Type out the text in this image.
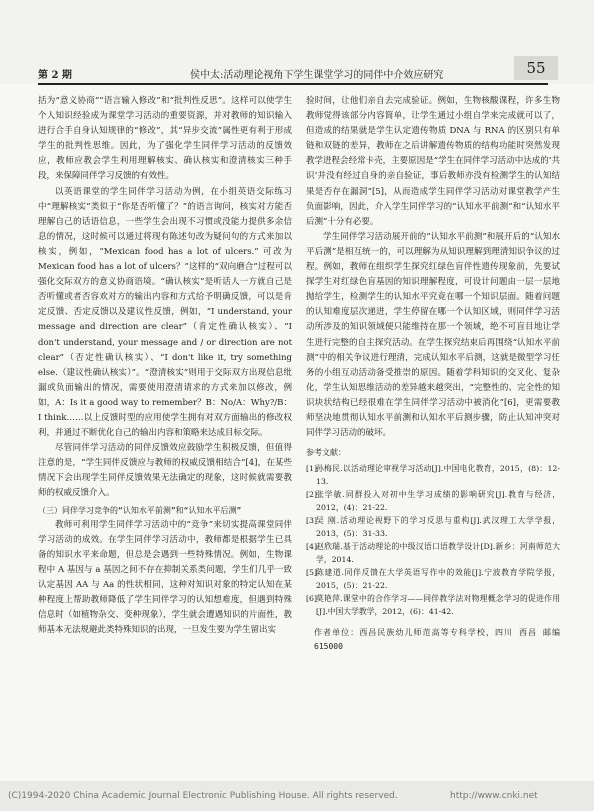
第 2 期	侯中太:活动理论视角下学生课堂学习的同伴中介效应研究	55

括为“意义协商”“语言输入修改”和“批判性反思”。这样可以使学生个人知识经验成为课堂学习活动的重要资源，并对教师的知识输入进行合手自身认知规律的“修改”，其“异步交流”属性更有利于形成学生的批判性思维。因此，为了强化学生同伴学习活动的反馈效应，教师应教会学生利用理解核实、确认核实和澄清核实三种手段，来保障同伴学习反馈的有效性。

以英语课堂的学生同伴学习活动为例，在小组英语交际练习中“理解核实”类似于“你是否听懂了？”的语言询问，核实对方能否理解自己的话语信息，一些学生会出现不习惯或没能力提供多余信息的情况，这时候可以通过将现有陈述句改为疑问句的方式来加以核实，例如，“Mexican food has a lot of ulcers.” 可改为 Mexican food has a lot of ulcers？”这样的“双向磨合”过程可以强化交际双方的意义协商语境。“确认核实”是听话人一方就自己是否听懂或者否容欢对方的输出内容和方式给予明确反馈，可以是肯定反馈、否定反馈以及建议性反馈，例如，“I understand, your message and direction are clear”（肯定性确认核实）、“I don't understand, your message and / or direction are not clear”（否定性确认核实）、“I don't like it, try something else.（建议性确认核实）”。“澄清核实”则用于交际双方出现信息纰漏或负面输出的情况，需要使用澄清请求的方式来加以修改，例如，A：Is it a good way to remember？B：No/A：Why?/B：I think……以上反馈时型的应用使学生拥有对双方面输出的修改权利，并通过不断优化自己的输出内容和策略来达成目标交际。

尽管同伴学习活动的同伴反馈效应鼓励学生积极反馈，但值得注意的是，“学生同伴反馈应与教师的权威反馈相结合”[4]，在某些情况下会出现学生同伴反馈效果无法确定的现象，这时候就需要教师的权威反馈介入。

（三）同伴学习竞争的“认知水平前测”和“认知水平后测”

教师可利用学生同伴学习活动中的“竞争”来切实提高课堂同伴学习活动的成效。在学生同伴学习活动中，教师都是根据学生已具备的知识水平来命题，但总是会遇到一些特殊情况。例如，生物课程中 A 基因与 a 基因之间不存在抑制关系类问题，学生们几乎一致认定基因 AA 与 Aa 的性状相同，这种对知识对象的特定认知在某种程度上帮助教师降低了学生同伴学习的认知想难度，但遇到特殊信息时（如植物杂交、变种现象），学生就会遭遇知识的片面性，教师基本无法规避此类特殊知识的出现，一旦发生要为学生留出实

验时间，让他们亲自去完成验证。例如，生物核酸课程，许多生物教师觉得该部分内容简单，让学生通过小组自学来完成就可以了，但造成的结果就是学生认定遗传物质 DNA 与 RNA 的区别只有单链和双链的差异，教师在之后讲解遗传物质的结构功能时突然发现教学进程会经常卡壳，主要原因是“学生在同伴学习活动中达成的‘共识’并没有经过自身的亲自验证，事后教师亦没有检测学生的认知结果是否存在漏洞”[5]，从而造成学生同伴学习活动对课堂教学产生负面影响，因此，介入学生同伴学习的“认知水平前测”和“认知水平后测”十分有必要。

学生同伴学习活动展开前的“认知水平前测”和展开后的“认知水平后测”是相互统一的，可以理解为从知识理解到理清知识争议的过程。例如，教师在组织学生探究红绿色盲伴性遗传现象前，先要试探学生对红绿色盲基因的知识理解程度，可设计问题由一层一层地抛给学生，检测学生的认知水平究竟在哪一个知识层面。随着问题的认知难度层次递进，学生停留在哪一个认知区域，则同伴学习活动所涉及的知识领域便只能维持在那一个领域，绝不可盲目地让学生进行完整的自主探究活动。在学生探究结束后再围绕“认知水平前测”中的相关争议进行理清，完成认知水平后测，这就是微型学习任务的小组互动活动备受推崇的原因。随着学科知识的交叉化、复杂化，学生认知思维活动的差异越来越突出，“完整性的、完全性的知识块状结构已经很难在学生同伴学习活动中被消化”[6]，更需要教师坚决地贯彻认知水平前测和认知水平后测步骤，防止认知冲突对同伴学习活动的破坏。

参考文献：
[1]
孙梅民.以活动理论审视学习活动[J].中国电化教育，2015，(8)：12-13.
[2]
张学敏.同群投入对初中生学习成绩的影响研究[J].教育与经济，2012，(4)：21-22.
[3]
吴 刚.活动理论视野下的学习反思与重构[J].武汉理工大学学报，2013，(5)：31-33.
[4]
赵欣瑞.基于活动理论的中级汉语口语教学设计[D].新乡：河南师范大学，2014.
[5]
陈建道.同伴反馈在大学英语写作中的效能[J].宁波教育学院学报，2015，(5)：21-22.
[6]
莫艳萍.课堂中的合作学习——同伴教学法对物理概念学习的促进作用[J].中国大学教学，2012，(6)：41-42.
作者单位：西昌民族幼儿师范高等专科学校，四川 西昌 邮编 615000
(C)1994-2020 China Academic Journal Electronic Publishing House. All rights reserved.	http://www.cnki.net
